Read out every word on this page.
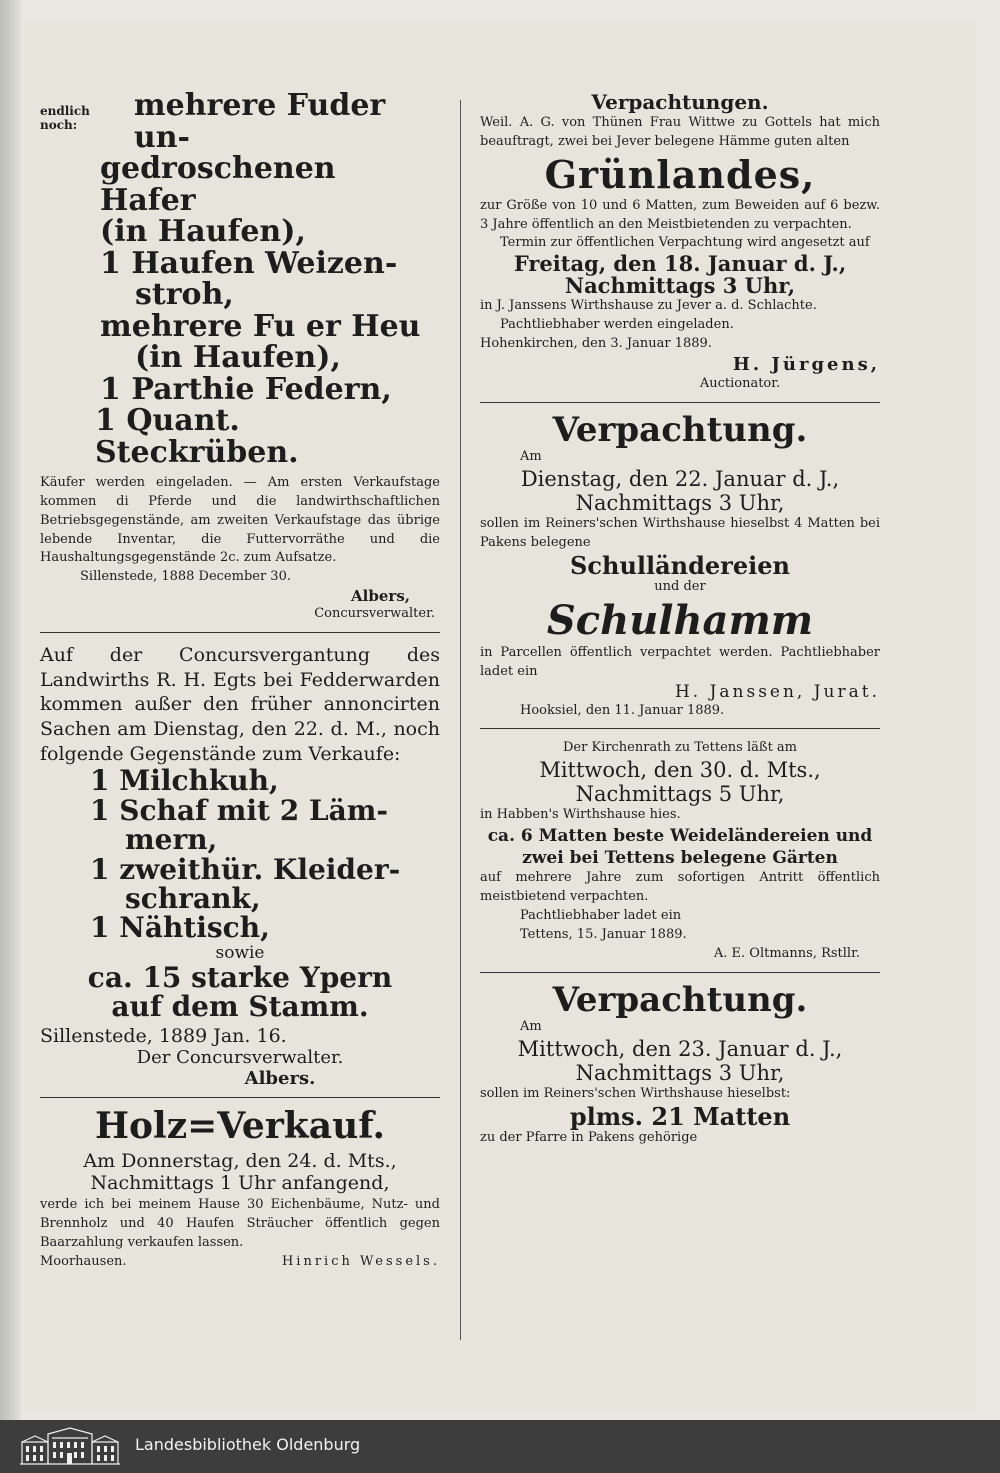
endlich noch:
mehrere Fuder un-
gedroschenen Hafer
(in Haufen),
1 Haufen Weizen-
stroh,
mehrere Fu er Heu
(in Haufen),
1 Parthie Federn,
1 Quant. Steckrüben.
Käufer werden eingeladen. — Am ersten Verkaufstage kommen di Pferde und die landwirthschaftlichen Betriebsgegenstände, am zweiten Verkaufstage das übrige lebende Inventar, die Futtervorräthe und die Haushaltungsgegenstände 2c. zum Aufsatze.
Sillenstede, 1888 December 30.
Albers,
Concursverwalter.
Auf der Concursvergantung des Landwirths R. H. Egts bei Fedderwarden kommen außer den früher annoncirten Sachen am Dienstag, den 22. d. M., noch folgende Gegenstände zum Verkaufe:
1 Milchkuh,
1 Schaf mit 2 Läm-
mern,
1 zweithür. Kleider-
schrank,
1 Nähtisch,
sowie
ca. 15 starke Ypern
auf dem Stamm.
Sillenstede, 1889 Jan. 16.
Der Concursverwalter.
Albers.
Holz=Verkauf.
Am Donnerstag, den 24. d. Mts.,
Nachmittags 1 Uhr anfangend,
verde ich bei meinem Hause 30 Eichenbäume, Nutz- und Brennholz und 40 Haufen Sträucher öffentlich gegen Baarzahlung verkaufen lassen.
Moorhausen.	Hinrich Wessels.
Verpachtungen.
Weil. A. G. von Thünen Frau Wittwe zu Gottels hat mich beauftragt, zwei bei Jever belegene Hämme guten alten
Grünlandes,
zur Größe von 10 und 6 Matten, zum Beweiden auf 6 bezw. 3 Jahre öffentlich an den Meistbietenden zu verpachten.
Termin zur öffentlichen Verpachtung wird angesetzt auf
Freitag, den 18. Januar d. J.,
Nachmittags 3 Uhr,
in J. Janssens Wirthshause zu Jever a. d. Schlachte.
Pachtliebhaber werden eingeladen.
Hohenkirchen, den 3. Januar 1889.
H. Jürgens,
Auctionator.
Verpachtung.
Am
Dienstag, den 22. Januar d. J.,
Nachmittags 3 Uhr,
sollen im Reiners'schen Wirthshause hieselbst 4 Matten bei Pakens belegene
Schulländereien
und der
Schulhamm
in Parcellen öffentlich verpachtet werden. Pachtliebhaber ladet ein
H. Janssen, Jurat.
Hooksiel, den 11. Januar 1889.
Der Kirchenrath zu Tettens läßt am
Mittwoch, den 30. d. Mts.,
Nachmittags 5 Uhr,
in Habben's Wirthshause hies.
ca. 6 Matten beste Weideländereien und zwei bei Tettens belegene Gärten
auf mehrere Jahre zum sofortigen Antritt öffentlich meistbietend verpachten.
Pachtliebhaber ladet ein
Tettens, 15. Januar 1889.
A. E. Oltmanns, Rstllr.
Verpachtung.
Am
Mittwoch, den 23. Januar d. J.,
Nachmittags 3 Uhr,
sollen im Reiners'schen Wirthshause hieselbst:
plms. 21 Matten
zu der Pfarre in Pakens gehörige
Landesbibliothek Oldenburg
